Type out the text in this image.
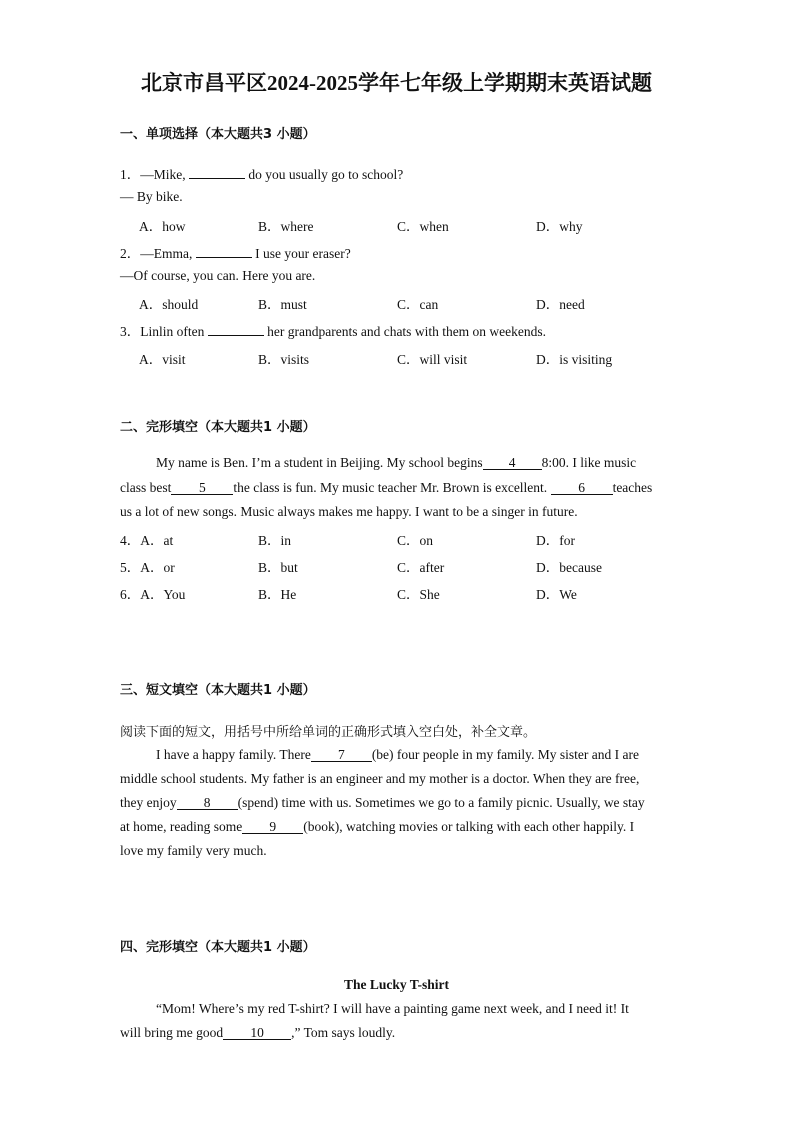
北京市昌平区2024-2025学年七年级上学期期末英语试题
一、单项选择（本大题共3 小题）
1．—Mike,	do you usually go to school?
— By bike.
A．how	B．where	C．when	D．why
2．—Emma,	I use your eraser?
—Of course, you can. Here you are.
A．should	B．must	C．can	D．need
3．Linlin often	her grandparents and chats with them on weekends.
A．visit	B．visits	C．will visit	D．is visiting
二、完形填空（本大题共1 小题）
My name is Ben. I’m a student in Beijing. My school begins 4 8:00. I like music
class best 5 the class is fun. My music teacher Mr. Brown is excellent. 6 teaches
us a lot of new songs. Music always makes me happy. I want to be a singer in future.
4．A．at	B．in	C．on	D．for
5．A．or	B．but	C．after	D．because
6．A．You	B．He	C．She	D．We
三、短文填空（本大题共1 小题）
阅读下面的短文，用括号中所给单词的正确形式填入空白处，补全文章。
I have a happy family. There 7 (be) four people in my family. My sister and I are
middle school students. My father is an engineer and my mother is a doctor. When they are free,
they enjoy 8 (spend) time with us. Sometimes we go to a family picnic. Usually, we stay
at home, reading some 9 (book), watching movies or talking with each other happily. I
love my family very much.
四、完形填空（本大题共1 小题）
The Lucky T-shirt
“Mom! Where’s my red T-shirt? I will have a painting game next week, and I need it! It
will bring me good 10 ,” Tom says loudly.
